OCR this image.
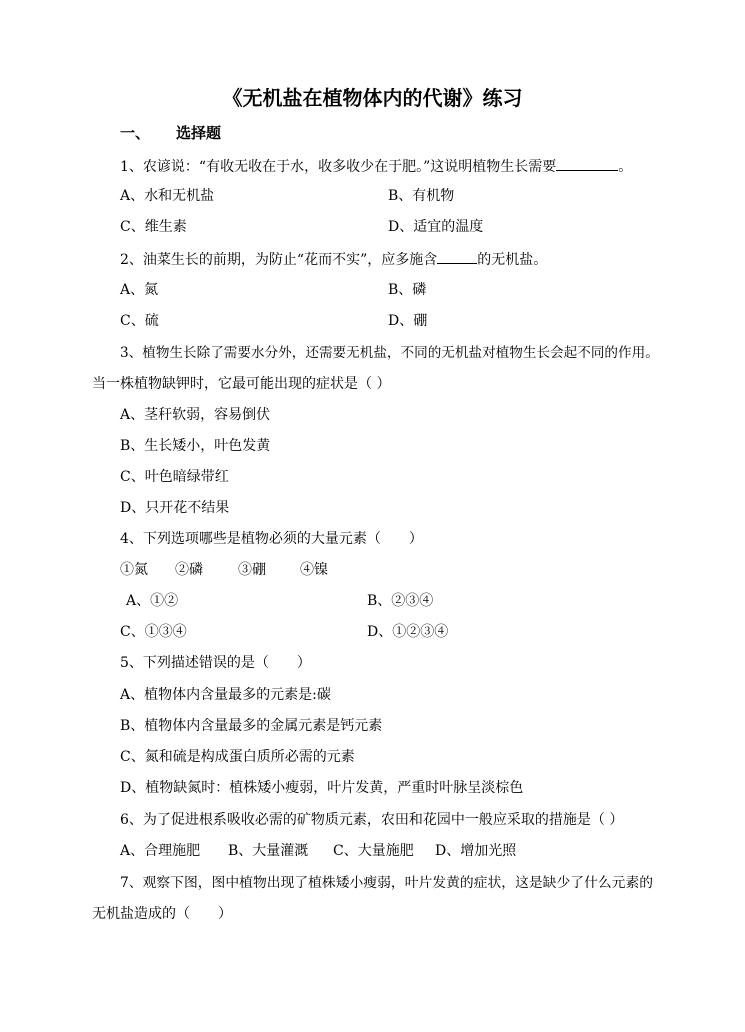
《无机盐在植物体内的代谢》练习
一、 选择题
1、农谚说：“有收无收在于水，收多收少在于肥。”这说明植物生长需要	。
A、水和无机盐	B、有机物
C、维生素	D、适宜的温度
2、油菜生长的前期，为防止“花而不实”，应多施含	的无机盐。
A、氮	B、磷
C、硫	D、硼
3、植物生长除了需要水分外，还需要无机盐，不同的无机盐对植物生长会起不同的作用。
当一株植物缺钾时，它最可能出现的症状是（ ）
A、茎秆软弱，容易倒伏
B、生长矮小，叶色发黄
C、叶色暗绿带红
D、只开花不结果
4、下列选项哪些是植物必须的大量元素（　　）
①氮 ②磷	③硼 ④镍
A、①②	B、②③④
C、①③④	D、①②③④
5、下列描述错误的是（　　）
A、植物体内含量最多的元素是:碳
B、植物体内含量最多的金属元素是钙元素
C、氮和硫是构成蛋白质所必需的元素
D、植物缺氮时：植株矮小瘦弱，叶片发黄，严重时叶脉呈淡棕色
6、为了促进根系吸收必需的矿物质元素，农田和花园中一般应采取的措施是（ ）
A、合理施肥 B、大量灌溉 C、大量施肥 D、增加光照
7、观察下图，图中植物出现了植株矮小瘦弱，叶片发黄的症状，这是缺少了什么元素的
无机盐造成的（　　）
